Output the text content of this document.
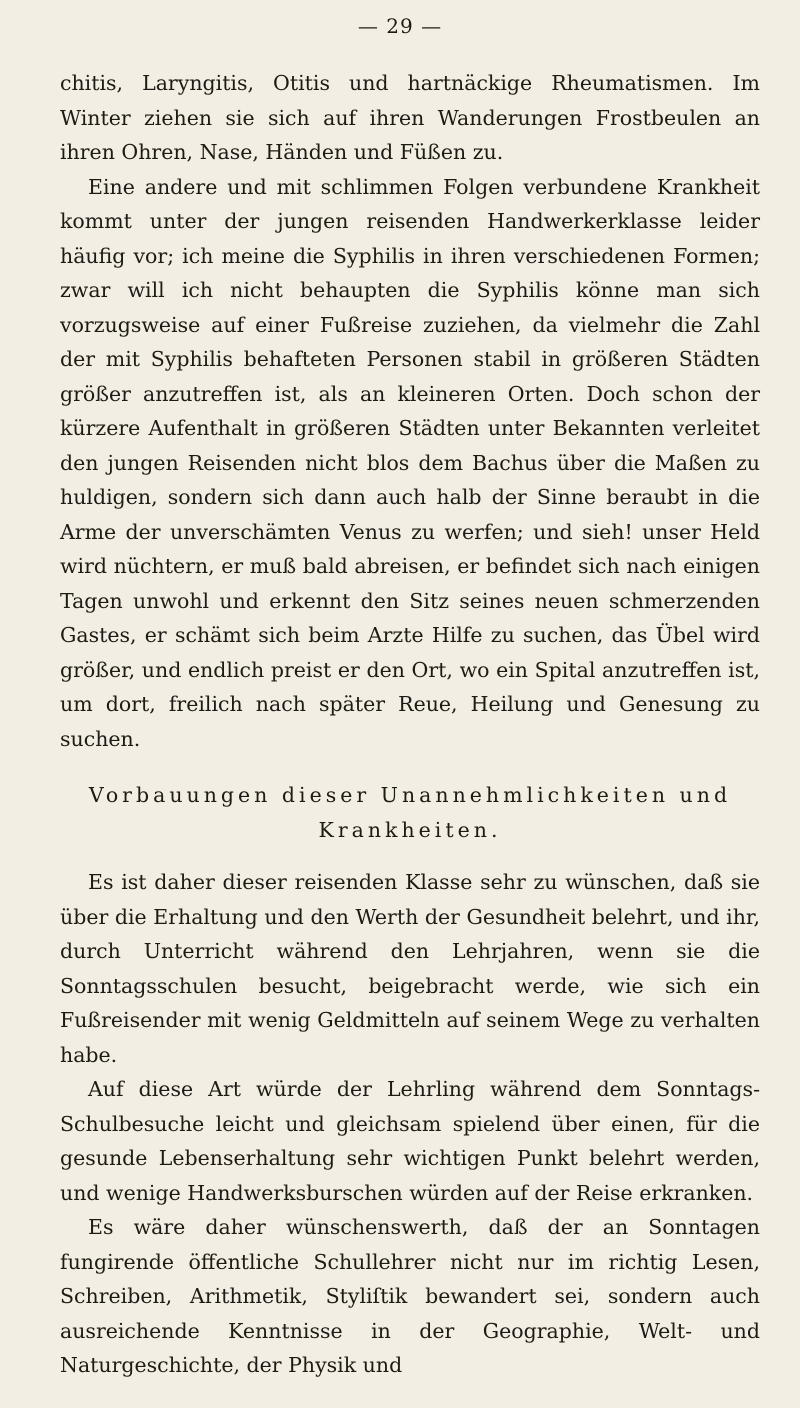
— 29 —

chitis, Laryngitis, Otitis und hartnäckige Rheumatismen. Im Winter ziehen sie sich auf ihren Wanderungen Frostbeulen an ihren Ohren, Nase, Händen und Füßen zu.

Eine andere und mit schlimmen Folgen verbundene Krankheit kommt unter der jungen reisenden Handwerkerklasse leider häufig vor; ich meine die Syphilis in ihren verschiedenen Formen; zwar will ich nicht behaupten die Syphilis könne man sich vorzugsweise auf einer Fußreise zuziehen, da vielmehr die Zahl der mit Syphilis behafteten Personen stabil in größeren Städten größer anzutreffen ist, als an kleineren Orten. Doch schon der kürzere Aufenthalt in größeren Städten unter Bekannten verleitet den jungen Reisenden nicht blos dem Bachus über die Maßen zu huldigen, sondern sich dann auch halb der Sinne beraubt in die Arme der unverschämten Venus zu werfen; und sieh! unser Held wird nüchtern, er muß bald abreisen, er befindet sich nach einigen Tagen unwohl und erkennt den Sitz seines neuen schmerzenden Gastes, er schämt sich beim Arzte Hilfe zu suchen, das Übel wird größer, und endlich preist er den Ort, wo ein Spital anzutreffen ist, um dort, freilich nach später Reue, Heilung und Genesung zu suchen.

Vorbauungen dieser Unannehmlichkeiten und
Krankheiten.

Es ist daher dieser reisenden Klasse sehr zu wünschen, daß sie über die Erhaltung und den Werth der Gesundheit belehrt, und ihr, durch Unterricht während den Lehrjahren, wenn sie die Sonntagsschulen besucht, beigebracht werde, wie sich ein Fußreisender mit wenig Geldmitteln auf seinem Wege zu verhalten habe.

Auf diese Art würde der Lehrling während dem Sonntags-Schulbesuche leicht und gleichsam spielend über einen, für die gesunde Lebenserhaltung sehr wichtigen Punkt belehrt werden, und wenige Handwerksburschen würden auf der Reise erkranken.

Es wäre daher wünschenswerth, daß der an Sonntagen fungirende öffentliche Schullehrer nicht nur im richtig Lesen, Schreiben, Arithmetik, Styliſtik bewandert sei, sondern auch ausreichende Kenntnisse in der Geographie, Welt- und Naturgeschichte, der Physik und
